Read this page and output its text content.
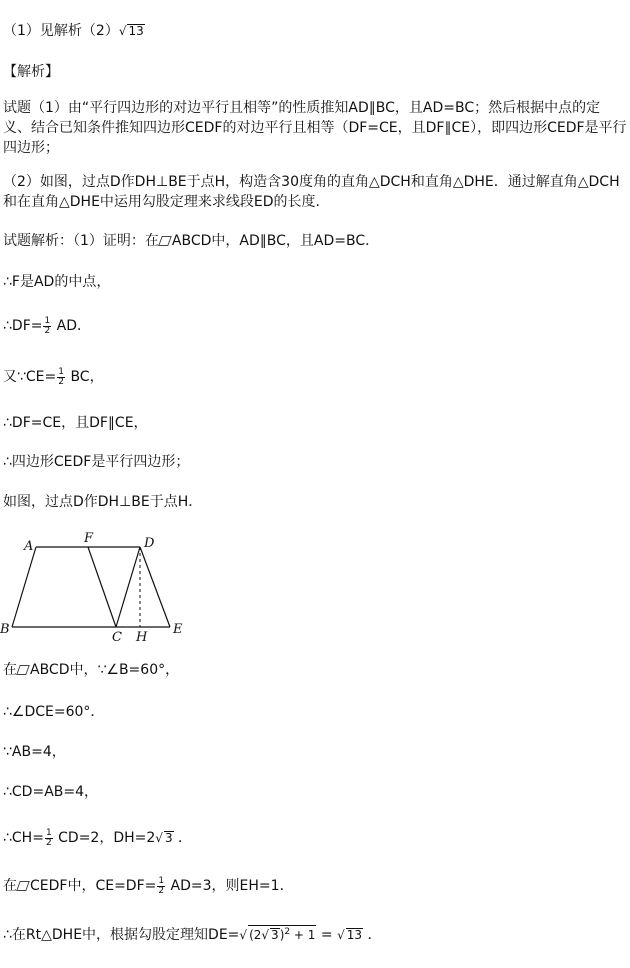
（1）见解析（2）√ 13
【解析】
试题（1）由“平行四边形的对边平行且相等”的性质推知AD∥BC，且AD=BC；然后根据中点的定义、结合已知条件推知四边形CEDF的对边平行且相等（DF=CE，且DF∥CE），即四边形CEDF是平行四边形；
（2）如图，过点D作DH⊥BE于点H，构造含30度角的直角△DCH和直角△DHE．通过解直角△DCH和在直角△DHE中运用勾股定理来求线段ED的长度．
试题解析：（1）证明：在 ABCD中，AD∥BC，且AD=BC．
∴F是AD的中点，
∴DF= $\frac{1}{2}$ AD．
又∵CE= $\frac{1}{2}$ BC，
∴DF=CE，且DF∥CE，
∴四边形CEDF是平行四边形；
如图，过点D作DH⊥BE于点H．
A
F	D
B
C H
E
在 ABCD中，∵∠B=60°，
∴∠DCE=60°．
∵AB=4，
∴CD=AB=4，
∴CH= $\frac{1}{2} CD=2$，DH=2√ 3 ．
在 CEDF中，$CE=DF= \frac{1}{2} AD=3$，则EH=1．
∴在Rt△DHE中，根据勾股定理知DE=√ (2√ 3)$^2$ + 1 = √ 13 ．
